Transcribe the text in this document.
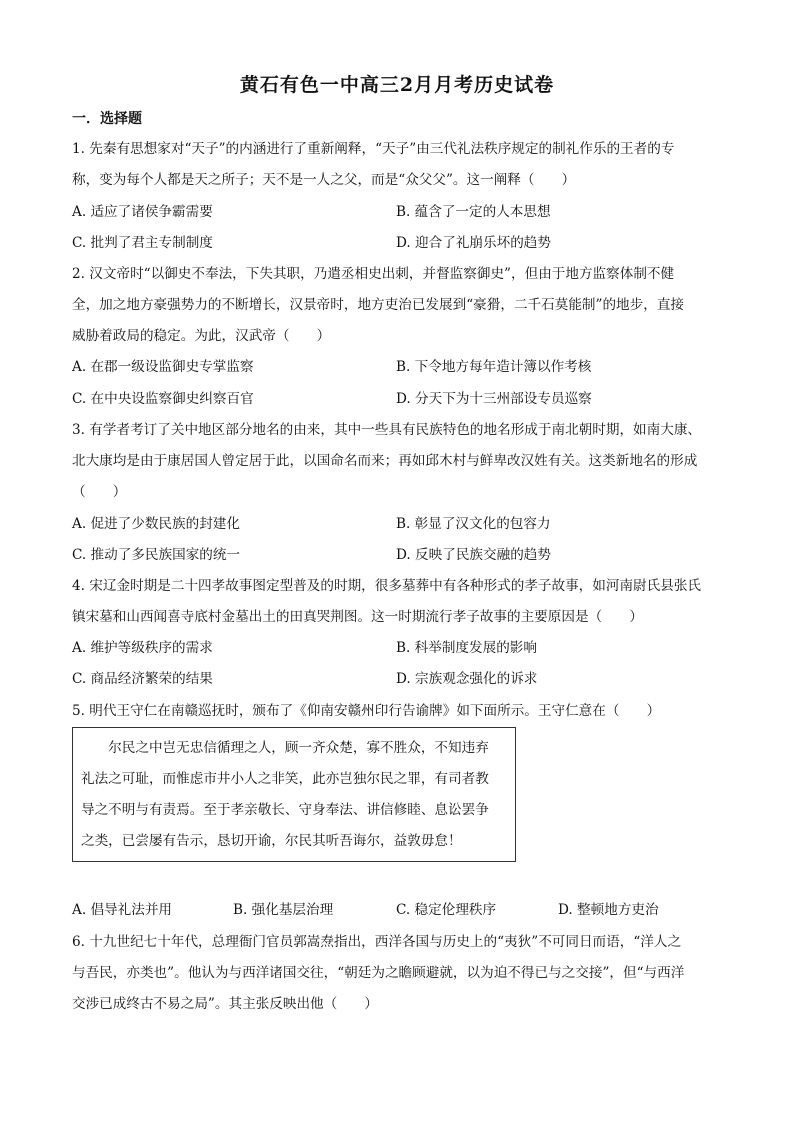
黄石有色一中高三2月月考历史试卷
一．选择题
1. 先秦有思想家对“天子”的内涵进行了重新阐释，“天子”由三代礼法秩序规定的制礼作乐的王者的专
称，变为每个人都是天之所子；天不是一人之父，而是“众父父”。这一阐释（　　）
A. 适应了诸侯争霸需要	B. 蕴含了一定的人本思想
C. 批判了君主专制制度	D. 迎合了礼崩乐坏的趋势
2. 汉文帝时“以御史不奉法，下失其职，乃遣丞相史出刺，并督监察御史”，但由于地方监察体制不健
全，加之地方豪强势力的不断增长，汉景帝时，地方吏治已发展到“豪猾，二千石莫能制”的地步，直接
威胁着政局的稳定。为此，汉武帝（　　）
A. 在郡一级设监御史专掌监察	B. 下令地方每年造计簿以作考核
C. 在中央设监察御史纠察百官	D. 分天下为十三州部设专员巡察
3. 有学者考订了关中地区部分地名的由来，其中一些具有民族特色的地名形成于南北朝时期，如南大康、
北大康均是由于康居国人曾定居于此，以国命名而来；再如邱木村与鲜卑改汉姓有关。这类新地名的形成
（　　）
A. 促进了少数民族的封建化	B. 彰显了汉文化的包容力
C. 推动了多民族国家的统一	D. 反映了民族交融的趋势
4. 宋辽金时期是二十四孝故事图定型普及的时期，很多墓葬中有各种形式的孝子故事，如河南尉氏县张氏
镇宋墓和山西闻喜寺底村金墓出土的田真哭荆图。这一时期流行孝子故事的主要原因是（　　）
A. 维护等级秩序的需求	B. 科举制度发展的影响
C. 商品经济繁荣的结果	D. 宗族观念强化的诉求
5. 明代王守仁在南赣巡抚时，颁布了《仰南安赣州印行告谕牌》如下面所示。王守仁意在（　　）
　　尔民之中岂无忠信循理之人，顾一齐众楚，寡不胜众，不知违弃
礼法之可耻，而惟虑市井小人之非笑，此亦岂独尔民之罪，有司者教
导之不明与有责焉。至于孝亲敬长、守身奉法、讲信修睦、息讼罢争
之类，已尝屡有告示，恳切开谕，尔民其听吾诲尔，益敦毋怠！
A. 倡导礼法并用	B. 强化基层治理	C. 稳定伦理秩序	D. 整顿地方吏治
6. 十九世纪七十年代，总理衙门官员郭嵩焘指出，西洋各国与历史上的“夷狄”不可同日而语，“洋人之
与吾民，亦类也”。他认为与西洋诸国交往，“朝廷为之瞻顾避就，以为迫不得已与之交接”，但“与西洋
交涉已成终古不易之局”。其主张反映出他（　　）
